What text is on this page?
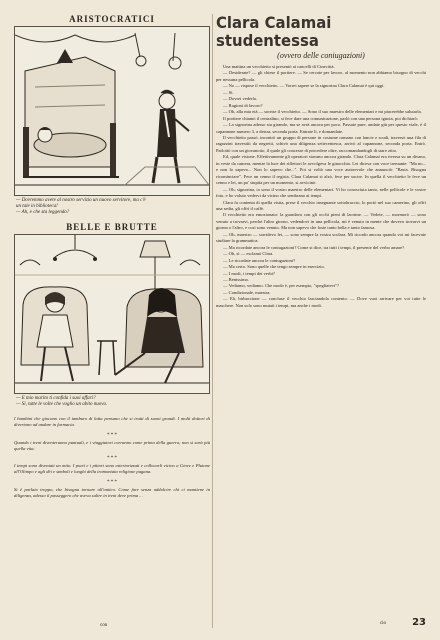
ARISTOCRATICI

— Dovremmo avere al nostro servizio un nuovo servitore, ma c'è

un tale in biblioteca!

— Ah, e che sta leggendo?

BELLE E BRUTTE

— E mio marito ti confida i suoi affari?

— Sì, tutte le volte che voglio un abito nuovo.

I bambini che giocano con il tamburo di latta pensano che si tratti di suoni grandi. I molti dottori di divertono ad andare in farmacia.

* * *

Quando i treni diventeranno puntuali, e i viaggiatori corranno come prima della guerra, non si sarà più quella vita.

* * *

I tempi sono diventati un mito. I poeti e i pittori sono esteriorizzati e collocarli vicino a Giove e Plutone all'Olimpo e agli dèi e simboli e luoghi della tramontata religione pagana.

* * *

Si è parlato troppo, che bisogna tornare all'antico. Come fare senza addolcire chi ci mantiene in diligenza, adesso il passeggero che aveva salire in treni deve prima ...

con
Clara Calamai studentessa

(ovvero delle coniugazioni)

Una mattina un vecchietto si presentò ai cancelli di Cinecittà.

— Desiderate? — gli chiese il portiere. — Se cercate per lavoro, al momento non abbiamo bisogno di vecchi per nessuna pellicola.

— No — rispose il vecchietto. — Vorrei sapere se la signorina Clara Calamai è qui oggi.

— Sì.

— Dovrei vederla.

— Ragioni di lavoro?

— Oh, alla mia età — sorrise il vecchietto. — Sono il suo maestro delle elementari e mi piacerebbe salutarla.

Il portiere chiamò il centralino, si fece dare una comunicazione, parlò con una persona ignota, poi dichiarò:

— La signorina adesso sta girando, ma se avrà ancora per poco. Passate pure, andate giù per questo viale, è il capannone numero 3, a destra, seconda porta. Entrate lì, e domandate.

Il vecchietto passò, incontrò un gruppo di persone in costume romano con lancie e scudi, traversò una fila di ragazzini travestiti da negretti, schivò una diligenza settecentesca, arrivò al capannone, seconda porta. Entrò. Parlottò con un giovanotto, il quale gli concesse di procedere oltre, raccomandandogli di stare zitto.

Ed, quale visione. Effettivamente gli operatori stavano ancora girando. Clara Calamai era riversa su un divano, in veste da camera, mentre la luce dei riflettori le avvolgeva le ginocchia. Lei diceva con voce tremante: "Ma no... e non lo sapevo... Non lo sapevo che...". Poi si voltò una voce autorevole che annunciò: "Basta. Bisogna ricominciare". Fece un cenno il regista. Clara Calamai si alzò, fece per uscire. In quella il vecchietto le fece un cenno e lei, un po' stupita per un momento, si avvicinò.

— Oh, signorina, io sono il vostro maestro delle elementari. Vi ho conosciuta tanto, nelle pellicole e le vostre foto, e ho voluto vedervi da vicino che sembrano ai tempi.

Clara fu contenta di quella visita, prese il vecchio insegnante sottobraccio, lo portò nel suo camerino, gli offrì una sedia, gli offrì il caffè.

Il vecchietto era emozionato: la guardava con gli occhi pieni di lacrime. — Vedete, — mormorò — sono venuto a trovarvi, perché l'altro giorno, vedendovi in una pellicola, mi è venuto in mente che dovevo trovarvi un giorno o l'altro, e così sono venuto. Ma non sapevo che foste tanto bella e tanto famosa.

— Oh, maestro — sorridevo lei, — sono sempre la vostra scolara. Mi ricordo ancora quando voi mi facevate studiare la grammatica.

— Ma ricordate ancora le coniugazioni? Come si dice, tra tutti i tempi, il presente del verbo amare?

— Oh, sì — esclamò Clara.

— Le ricordate ancora le coniugazioni?

— Ma certo. Sono quelle che tengo sempre in esercizio.

— I modi, i tempi dei verbi?

— Benissimo.

— Vediamo, vediamo. Che modo è, per esempio, "spegliatevi"?

— Condizionale, maestra.

— Eh, birbaccione — concluse il vecchio lasciandola contento. — Dove vuoi arrivare per voi tutte le maschere. Non solo sono mutati i tempi, ma anche i modi.

cio	23
